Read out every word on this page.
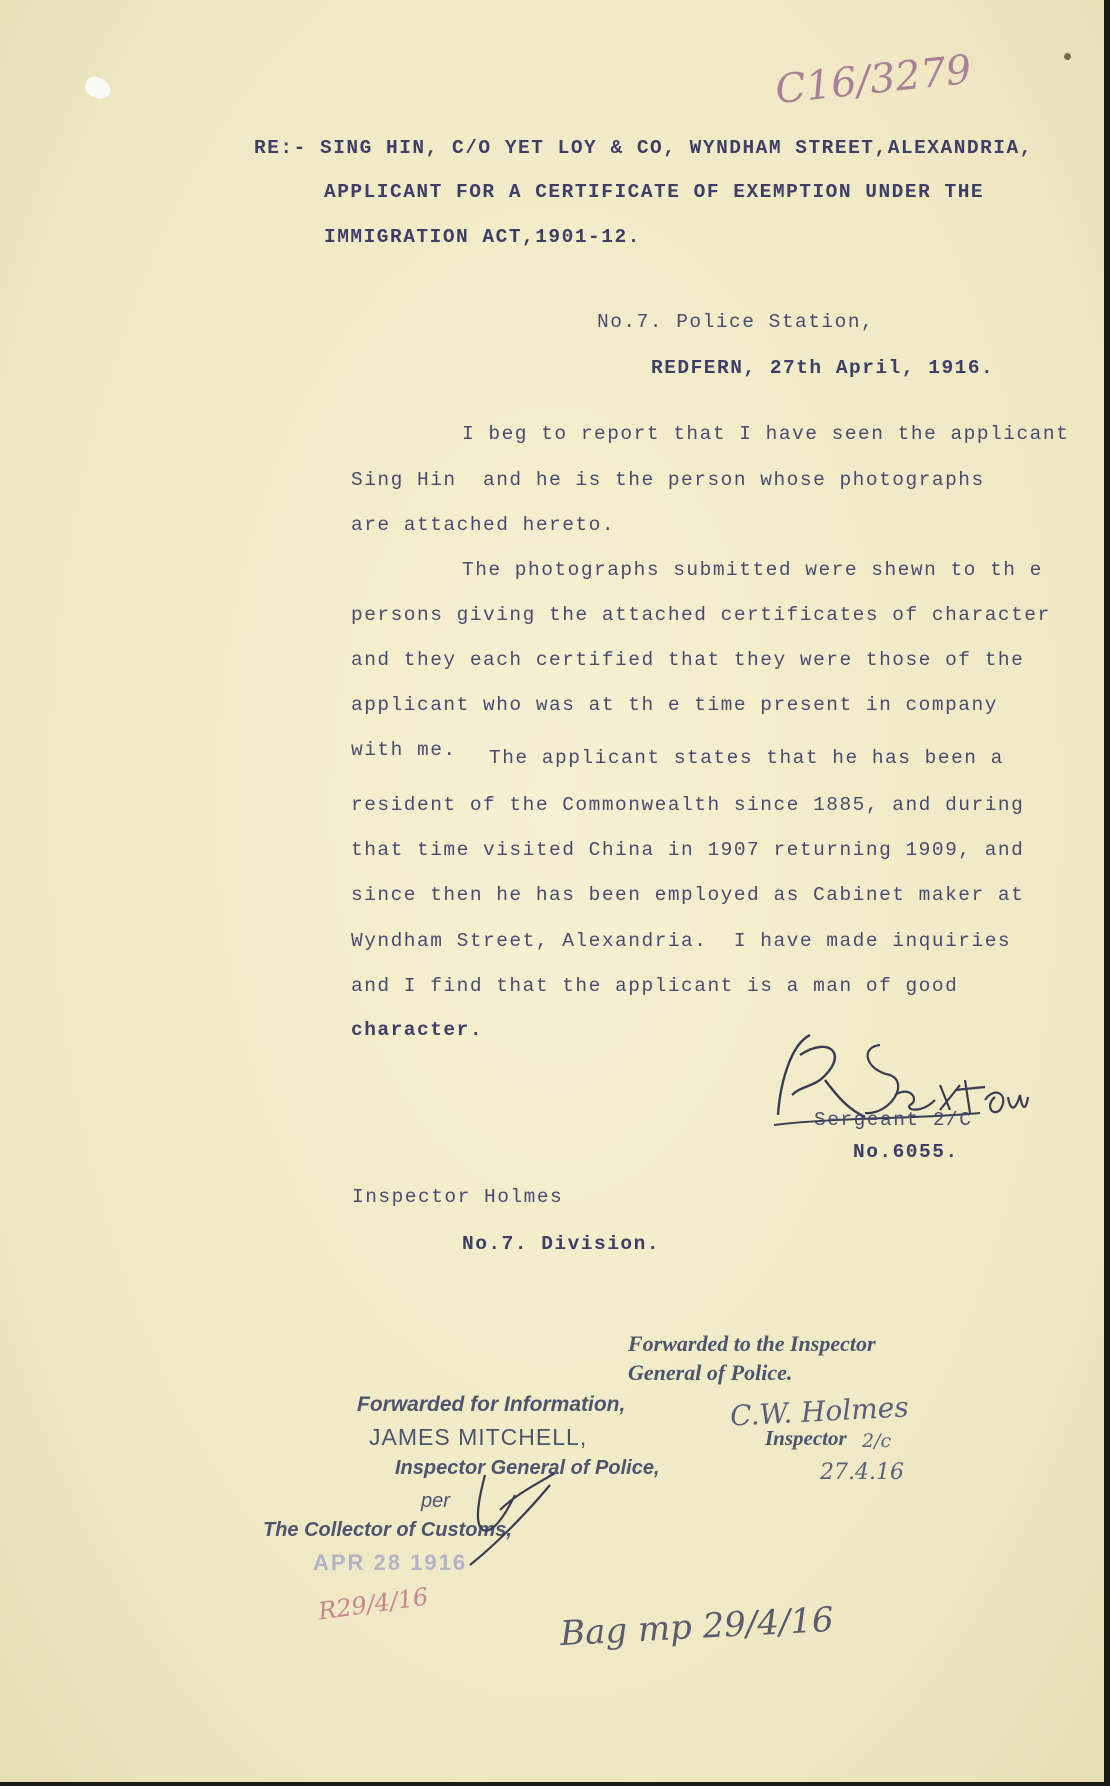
C16/3279
RE:- SING HIN, C/O YET LOY & CO, WYNDHAM STREET,ALEXANDRIA,
APPLICANT FOR A CERTIFICATE OF EXEMPTION UNDER THE
IMMIGRATION ACT,1901-12.
No.7. Police Station,
REDFERN, 27th April, 1916.
I beg to report that I have seen the applicant
Sing Hin  and he is the person whose photographs
are attached hereto.
The photographs submitted were shewn to th e
persons giving the attached certificates of character
and they each certified that they were those of the
applicant who was at th e time present in company
with me. The applicant states that he has been a
resident of the Commonwealth since 1885, and during
that time visited China in 1907 returning 1909, and
since then he has been employed as Cabinet maker at
Wyndham Street, Alexandria.  I have made inquiries
and I find that the applicant is a man of good
character.
Sergeant 2/C
No.6055.
Inspector Holmes
No.7. Division.
Forwarded to the Inspector
General of Police.
C.W. Holmes
Inspector 2/c
27.4.16
Forwarded for Information,
JAMES MITCHELL,
Inspector General of Police,
per
The Collector of Customs,
APR 28 1916
R29/4/16	Bag mp 29/4/16
